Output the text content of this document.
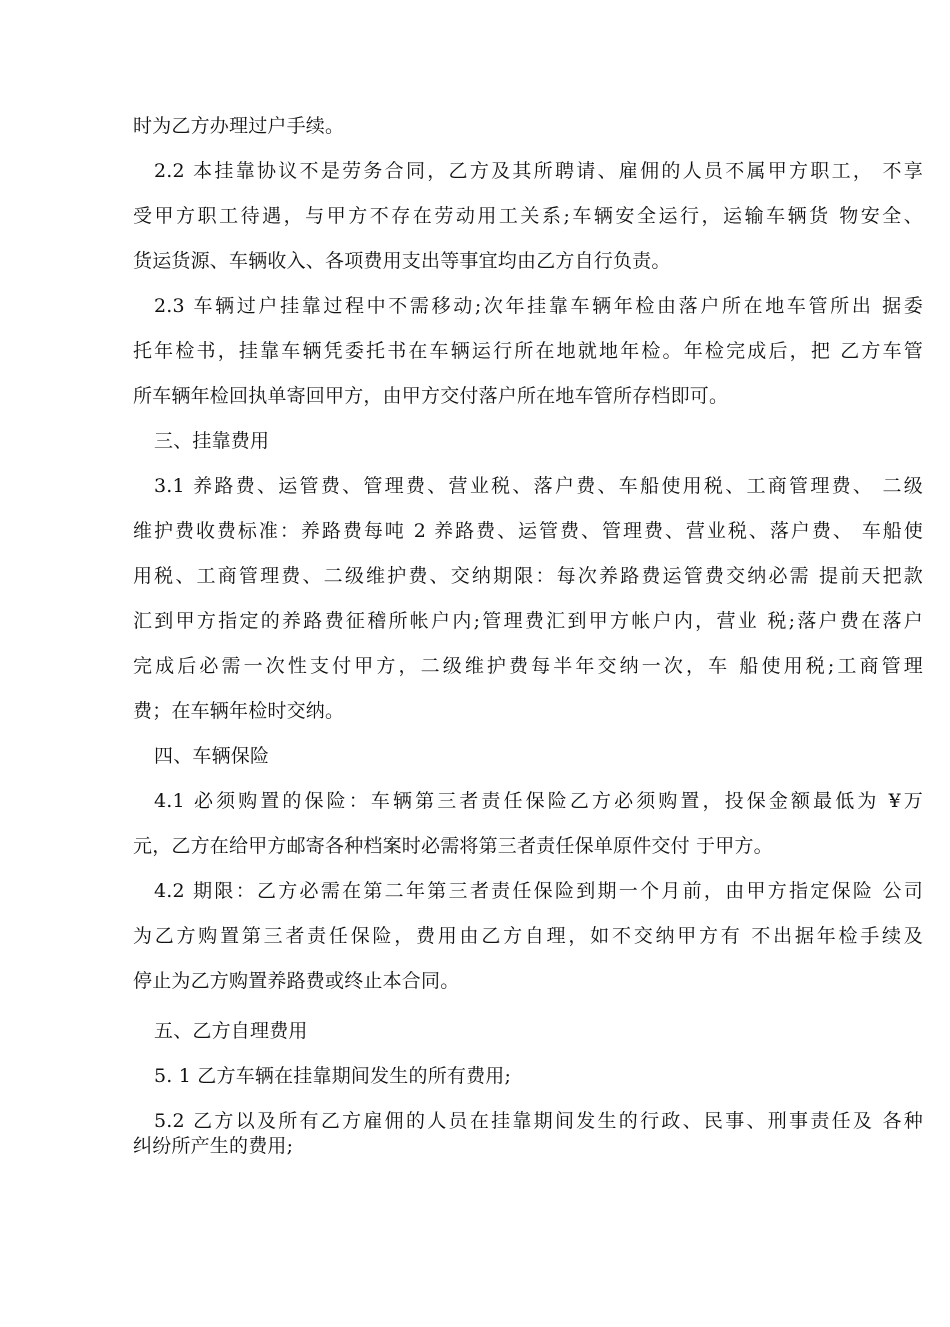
时为乙方办理过户手续。
2.2 本挂靠协议不是劳务合同，乙方及其所聘请、雇佣的人员不属甲方职工， 不享
受甲方职工待遇，与甲方不存在劳动用工关系;车辆安全运行，运输车辆货 物安全、
货运货源、车辆收入、各项费用支出等事宜均由乙方自行负责。
2.3 车辆过户挂靠过程中不需移动;次年挂靠车辆年检由落户所在地车管所出 据委
托年检书，挂靠车辆凭委托书在车辆运行所在地就地年检。年检完成后，把 乙方车管
所车辆年检回执单寄回甲方，由甲方交付落户所在地车管所存档即可。
三、挂靠费用
3.1 养路费、运管费、管理费、营业税、落户费、车船使用税、工商管理费、 二级
维护费收费标准：养路费每吨 2 养路费、运管费、管理费、营业税、落户费、 车船使
用税、工商管理费、二级维护费、交纳期限：每次养路费运管费交纳必需 提前天把款
汇到甲方指定的养路费征稽所帐户内;管理费汇到甲方帐户内，营业 税;落户费在落户
完成后必需一次性支付甲方，二级维护费每半年交纳一次，车 船使用税;工商管理
费；在车辆年检时交纳。
四、车辆保险
4.1 必须购置的保险：车辆第三者责任保险乙方必须购置，投保金额最低为 ¥万
元，乙方在给甲方邮寄各种档案时必需将第三者责任保单原件交付 于甲方。
4.2 期限：乙方必需在第二年第三者责任保险到期一个月前，由甲方指定保险 公司
为乙方购置第三者责任保险，费用由乙方自理，如不交纳甲方有 不出据年检手续及
停止为乙方购置养路费或终止本合同。
五、乙方自理费用
5. 1 乙方车辆在挂靠期间发生的所有费用;
5.2 乙方以及所有乙方雇佣的人员在挂靠期间发生的行政、民事、刑事责任及 各种
纠纷所产生的费用;
